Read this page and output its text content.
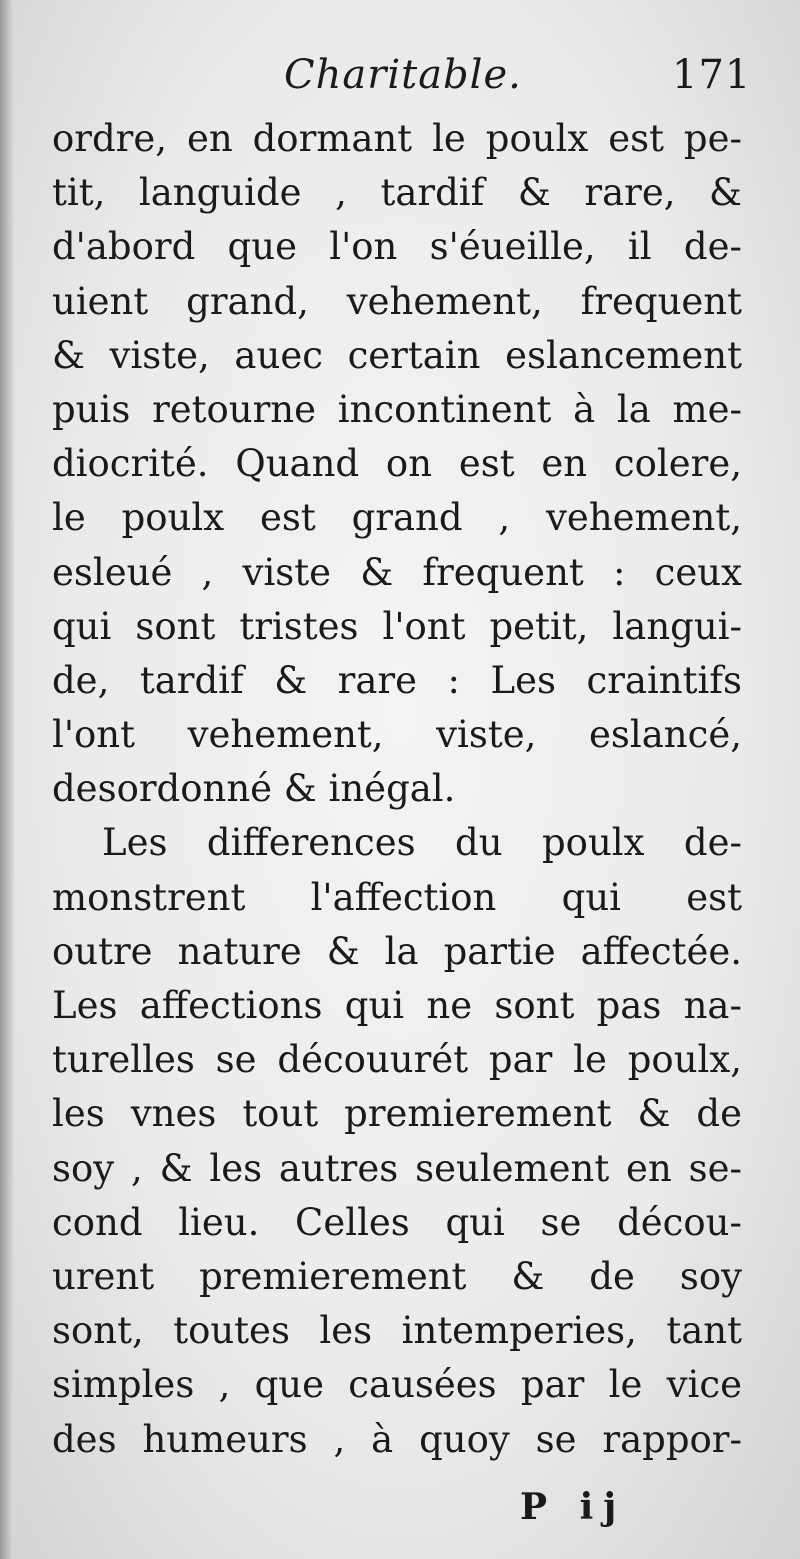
Charitable.	171
ordre, en dormant le poulx est pe-
tit, languide , tardif & rare, &
d'abord que l'on s'éueille, il de-
uient grand, vehement, frequent
& viste, auec certain eslancement
puis retourne incontinent à la me-
diocrité. Quand on est en colere,
le poulx est grand , vehement,
esleué , viste & frequent : ceux
qui sont tristes l'ont petit, langui-
de, tardif & rare : Les craintifs
l'ont vehement, viste, eslancé,
desordonné & inégal.
Les differences du poulx de-
monstrent l'affection qui est
outre nature & la partie affectée.
Les affections qui ne sont pas na-
turelles se découurét par le poulx,
les vnes tout premierement & de
soy , & les autres seulement en se-
cond lieu. Celles qui se décou-
urent premierement & de soy
sont, toutes les intemperies, tant
simples , que causées par le vice
des humeurs , à quoy se rappor-
P ij
